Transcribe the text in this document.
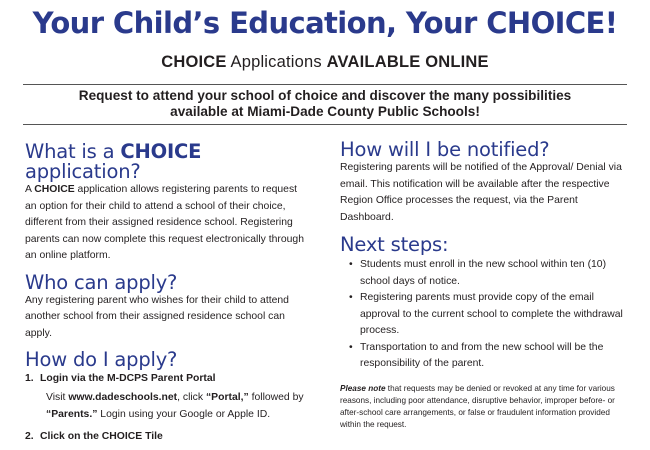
Your Child’s Education, Your CHOICE!
CHOICE Applications AVAILABLE ONLINE
Request to attend your school of choice and discover the many possibilities
available at Miami-Dade County Public Schools!
What is a CHOICE
application?
A CHOICE application allows registering parents to request an option for their child to attend a school of their choice, different from their assigned residence school. Registering parents can now complete this request electronically through an online platform.
Who can apply?
Any registering parent who wishes for their child to attend another school from their assigned residence school can apply.
How do I apply?
1. Login via the M-DCPS Parent Portal
Visit www.dadeschools.net, click “Portal,” followed by “Parents.” Login using your Google or Apple ID.
2. Click on the CHOICE Tile
How will I be notified?
Registering parents will be notified of the Approval/ Denial via email. This notification will be available after the respective Region Office processes the request, via the Parent Dashboard.
Next steps:
• Students must enroll in the new school within ten (10) school days of notice.
• Registering parents must provide copy of the email approval to the current school to complete the withdrawal process.
• Transportation to and from the new school will be the responsibility of the parent.
Please note that requests may be denied or revoked at any time for various reasons, including poor attendance, disruptive behavior, improper before- or after-school care arrangements, or false or fraudulent information provided within the request.
